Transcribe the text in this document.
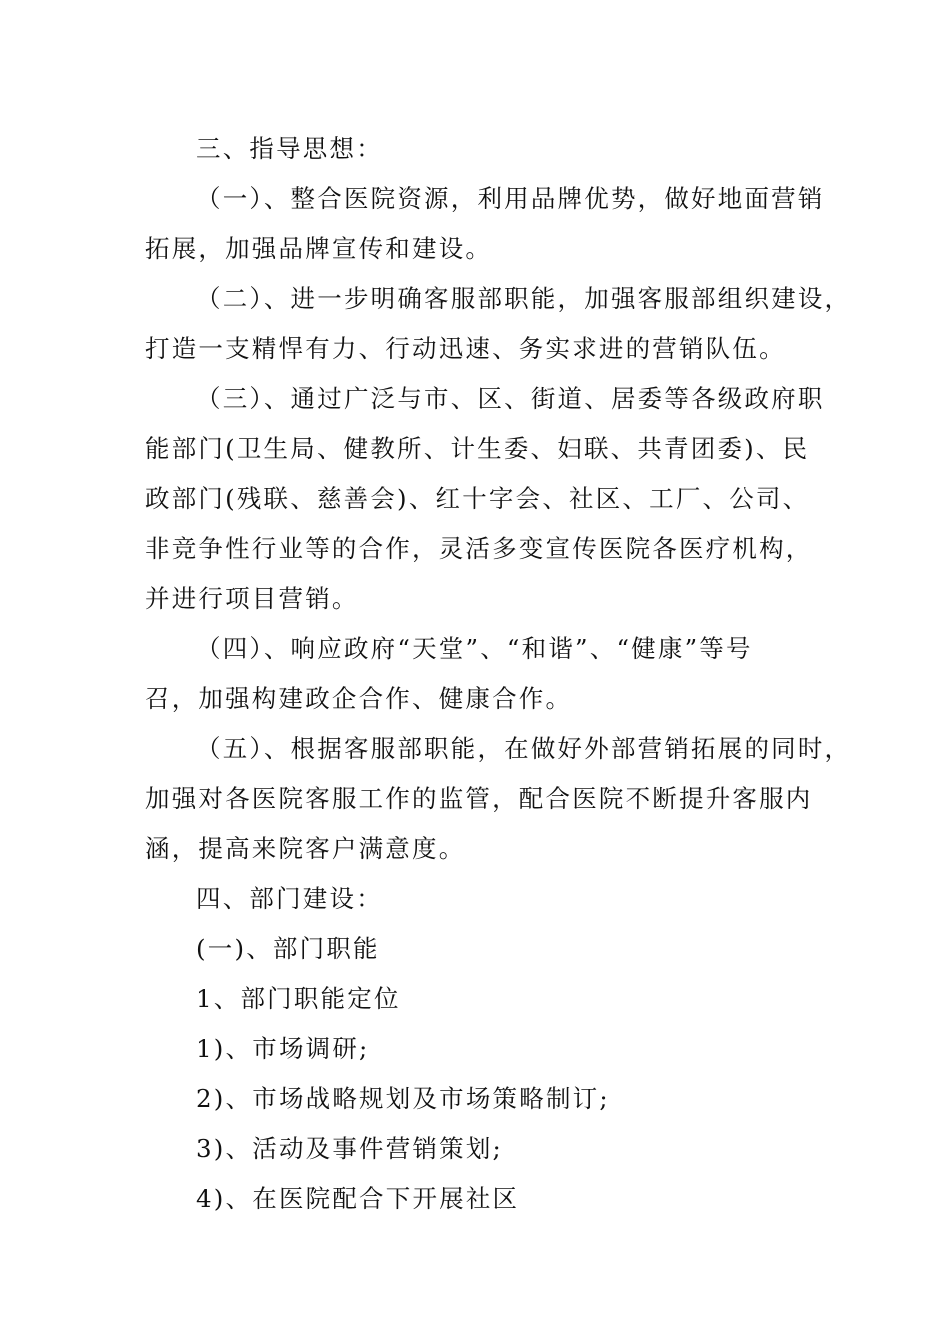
三、指导思想：
（一）、整合医院资源，利用品牌优势，做好地面营销
拓展，加强品牌宣传和建设。
（二）、进一步明确客服部职能，加强客服部组织建设，
打造一支精悍有力、行动迅速、务实求进的营销队伍。
（三）、通过广泛与市、区、街道、居委等各级政府职
能部门(卫生局、健教所、计生委、妇联、共青团委)、民
政部门(残联、慈善会)、红十字会、社区、工厂、公司、
非竞争性行业等的合作，灵活多变宣传医院各医疗机构，
并进行项目营销。
（四）、响应政府“天堂”、“和谐”、“健康”等号
召，加强构建政企合作、健康合作。
（五）、根据客服部职能，在做好外部营销拓展的同时，
加强对各医院客服工作的监管，配合医院不断提升客服内
涵，提高来院客户满意度。
四、部门建设：
(一)、部门职能
1、部门职能定位
1)、市场调研;
2)、市场战略规划及市场策略制订;
3)、活动及事件营销策划;
4)、在医院配合下开展社区
